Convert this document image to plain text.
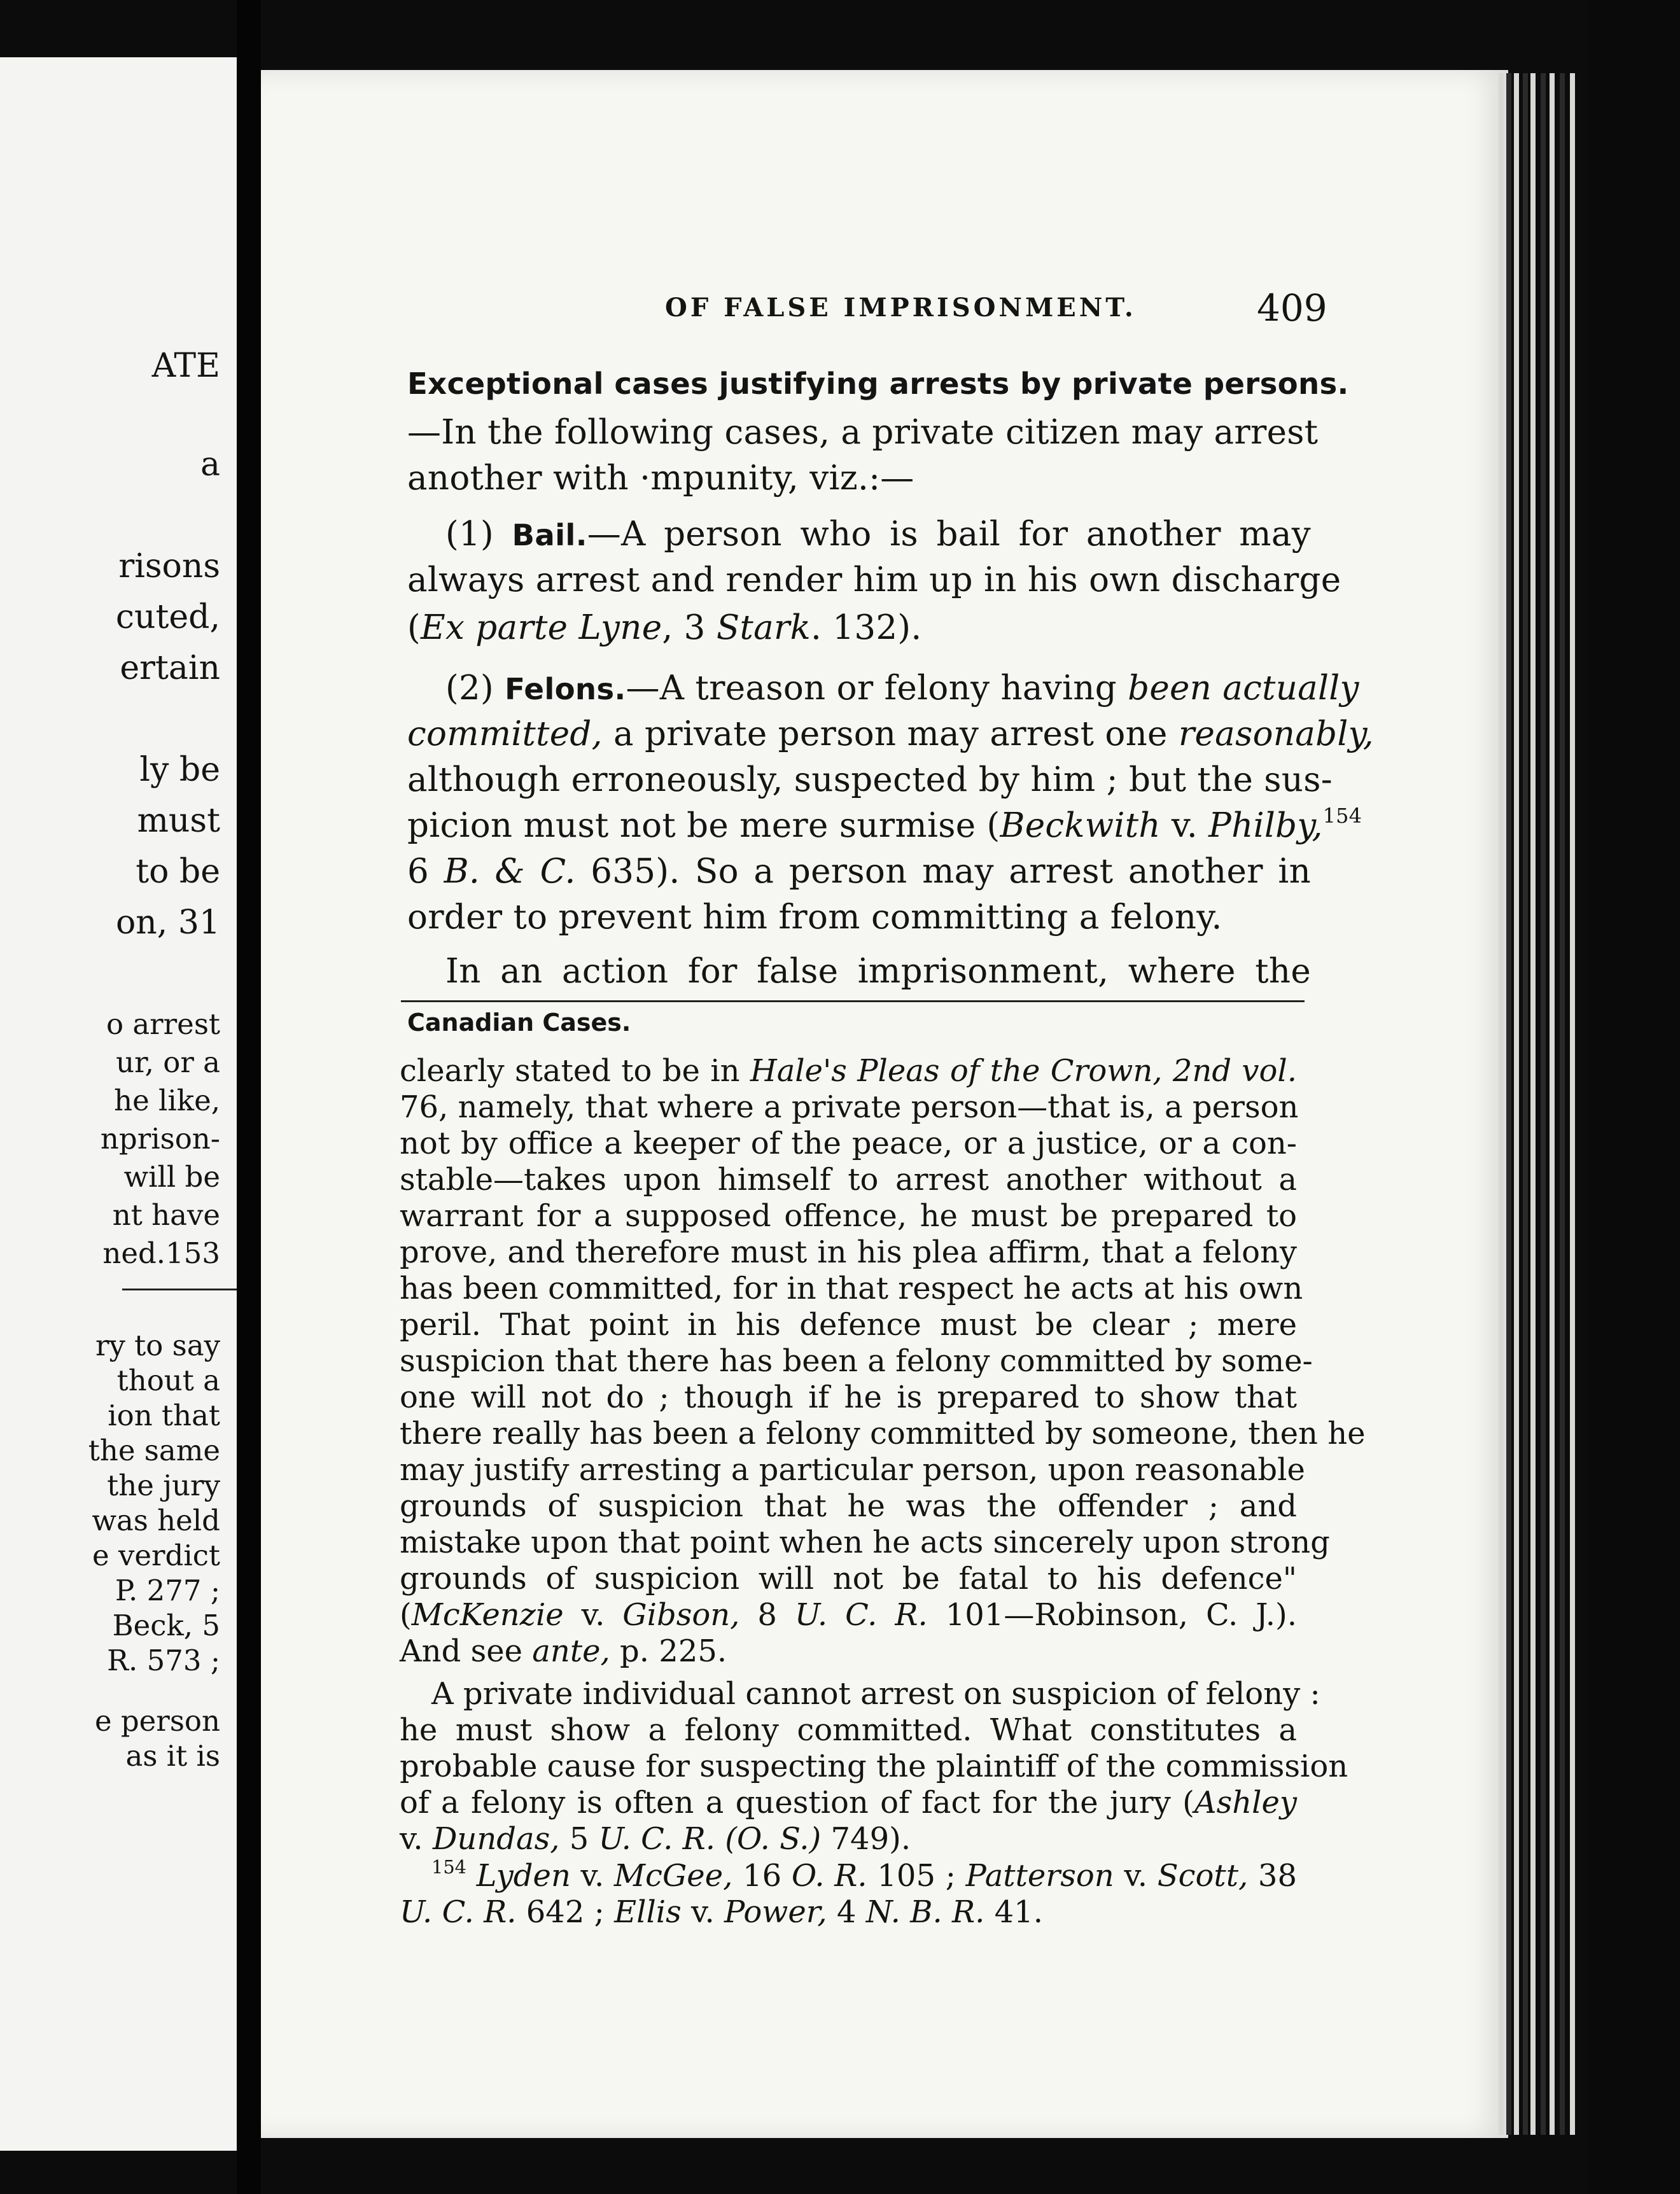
ATE
a
risons
cuted,
ertain
ly be
must
to be
on, 31
o arrest
ur, or a
he like,
nprison-
will be
nt have
ned.153
ry to say
thout a
ion that
the same
the jury
was held
e verdict
P. 277 ;
Beck, 5
R. 573 ;
e person
as it is
OF FALSE IMPRISONMENT.	409
Exceptional cases justifying arrests by private persons.
—In the following cases, a private citizen may arrest
another with ·mpunity, viz.:—
(1) Bail.—A person who is bail for another may
always arrest and render him up in his own discharge
(Ex parte Lyne, 3 Stark. 132).
(2) Felons.—A treason or felony having been actually
committed, a private person may arrest one reasonably,
although erroneously, suspected by him ; but the sus-
picion must not be mere surmise (Beckwith v. Philby,$^{154}$
6 B. & C. 635). So a person may arrest another in
order to prevent him from committing a felony.
In an action for false imprisonment, where the
Canadian Cases.
clearly stated to be in Hale's Pleas of the Crown, 2nd vol.
76, namely, that where a private person—that is, a person
not by office a keeper of the peace, or a justice, or a con-
stable—takes upon himself to arrest another without a
warrant for a supposed offence, he must be prepared to
prove, and therefore must in his plea affirm, that a felony
has been committed, for in that respect he acts at his own
peril. That point in his defence must be clear ; mere
suspicion that there has been a felony committed by some-
one will not do ; though if he is prepared to show that
there really has been a felony committed by someone, then he
may justify arresting a particular person, upon reasonable
grounds of suspicion that he was the offender ; and
mistake upon that point when he acts sincerely upon strong
grounds of suspicion will not be fatal to his defence"
(McKenzie v. Gibson, 8 U. C. R. 101—Robinson, C. J.).
And see ante, p. 225.
A private individual cannot arrest on suspicion of felony :
he must show a felony committed. What constitutes a
probable cause for suspecting the plaintiff of the commission
of a felony is often a question of fact for the jury (Ashley
v. Dundas, 5 U. C. R. (O. S.) 749).
$^{154}$ Lyden v. McGee, 16 O. R. 105 ; Patterson v. Scott, 38
U. C. R. 642 ; Ellis v. Power, 4 N. B. R. 41.
